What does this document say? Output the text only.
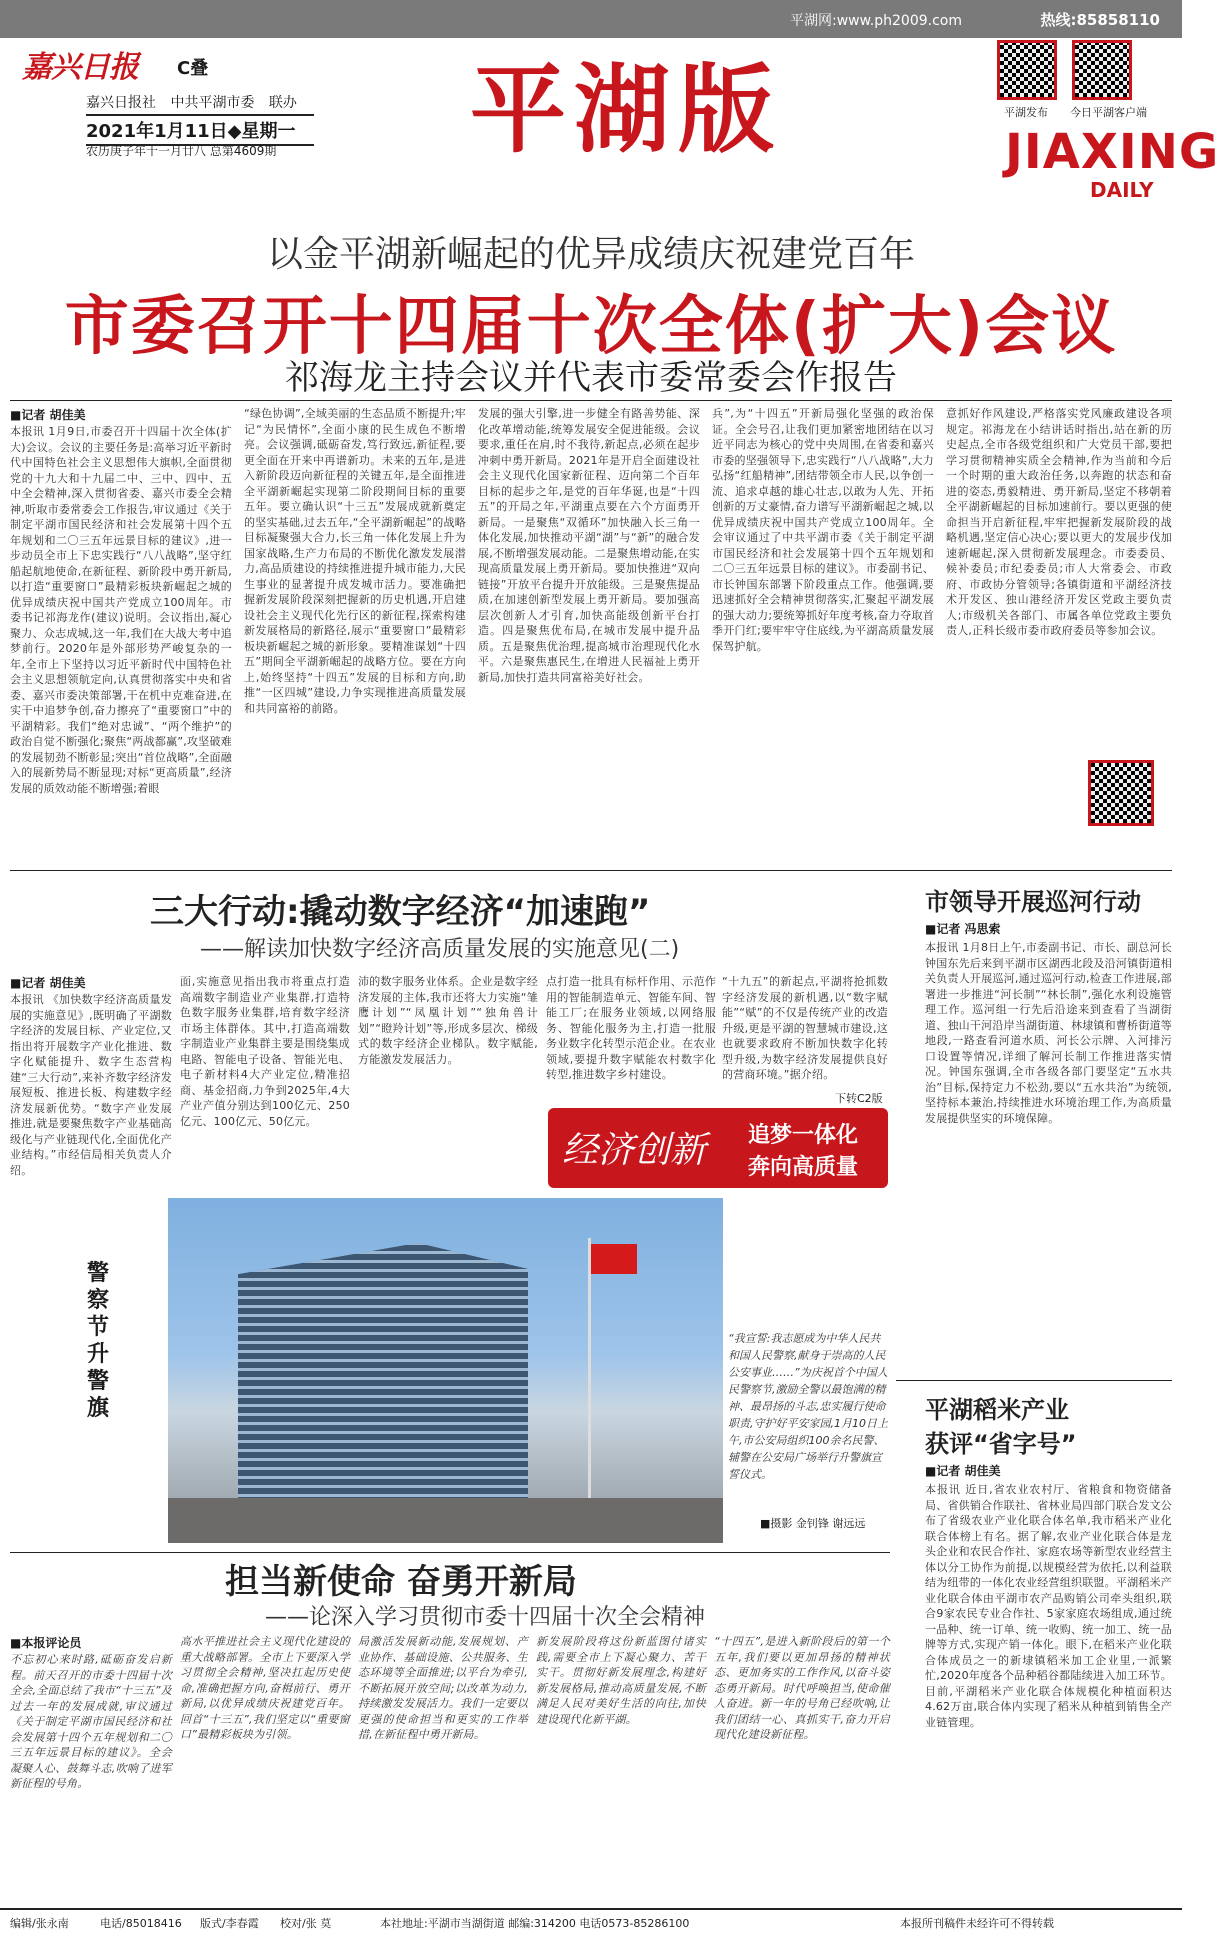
平湖网:www.ph2009.com	热线:85858110
嘉兴日报 C叠
嘉兴日报社 中共平湖市委 联办
2021年1月11日◆星期一
农历庚子年十一月廿八 总第4609期 平湖版	平湖发布 今日平湖客户端
JIAXING
DAILY
以金平湖新崛起的优异成绩庆祝建党百年
市委召开十四届十次全体(扩大)会议
祁海龙主持会议并代表市委常委会作报告
■记者 胡佳美
本报讯 1月9日,市委召开十四届十次全体(扩大)会议。会议的主要任务是:高举习近平新时代中国特色社会主义思想伟大旗帜,全面贯彻党的十九大和十九届二中、三中、四中、五中全会精神,深入贯彻省委、嘉兴市委全会精神,听取市委常委会工作报告,审议通过《关于制定平湖市国民经济和社会发展第十四个五年规划和二〇三五年远景目标的建议》,进一步动员全市上下忠实践行“八八战略”,坚守红船起航地使命,在新征程、新阶段中勇开新局,以打造“重要窗口”最精彩板块新崛起之城的优异成绩庆祝中国共产党成立100周年。市委书记祁海龙作(建议)说明。会议指出,凝心聚力、众志成城,这一年,我们在大战大考中追梦前行。2020年是外部形势严峻复杂的一年,全市上下坚持以习近平新时代中国特色社会主义思想领航定向,认真贯彻落实中央和省委、嘉兴市委决策部署,干在机中克难奋进,在实干中追梦争创,奋力擦亮了“重要窗口”中的平湖精彩。我们“绝对忠诚”、“两个维护”的政治自觉不断强化;聚焦“两战都赢”,攻坚破难的发展韧劲不断彰显;突出“首位战略”,全面融入的展新势局不断显现;对标“更高质量”,经济发展的质效动能不断增强;着眼
“绿色协调”,全域美丽的生态品质不断提升;牢记“为民情怀”,全面小康的民生成色不断增亮。会议强调,砥砺奋发,笃行致远,新征程,要更全面在开来中再谱新功。未来的五年,是进入新阶段迈向新征程的关键五年,是全面推进全平湖新崛起实现第二阶段期间目标的重要五年。要立确认识“十三五”发展成就新奠定的坚实基础,过去五年,“全平湖新崛起”的战略目标凝聚强大合力,长三角一体化发展上升为国家战略,生产力布局的不断优化激发发展潜力,高品质建设的持续推进提升城市能力,大民生事业的显著提升成发城市活力。要准确把握新发展阶段深刻把握新的历史机遇,开启建设社会主义现代化先行区的新征程,探索构建新发展格局的新路径,展示“重要窗口”最精彩板块新崛起之城的新形象。要精准谋划“十四五”期间全平湖新崛起的战略方位。要在方向上,始终坚持“十四五”发展的目标和方向,助推“一区四城”建设,力争实现推进高质量发展和共同富裕的前路。
发展的强大引擎,进一步健全有路善势能、深化改革增动能,统筹发展安全促进能级。会议要求,重任在肩,时不我待,新起点,必须在起步冲刺中勇开新局。2021年是开启全面建设社会主义现代化国家新征程、迈向第二个百年目标的起步之年,是党的百年华诞,也是“十四五”的开局之年,平湖重点要在六个方面勇开新局。一是聚焦“双循环”加快融入长三角一体化发展,加快推动平湖“湖”与“新”的融合发展,不断增强发展动能。二是聚焦增动能,在实现高质量发展上勇开新局。要加快推进“双向链接”开放平台提升开放能级。三是聚焦提品质,在加速创新型发展上勇开新局。要加强高层次创新人才引育,加快高能级创新平台打造。四是聚焦优布局,在城市发展中提升品质。五是聚焦优治理,提高城市治理现代化水平。六是聚焦惠民生,在增进人民福祉上勇开新局,加快打造共同富裕美好社会。
兵”,为“十四五”开新局强化坚强的政治保证。全会号召,让我们更加紧密地团结在以习近平同志为核心的党中央周围,在省委和嘉兴市委的坚强领导下,忠实践行“八八战略”,大力弘扬“红船精神”,团结带领全市人民,以争创一流、追求卓越的雄心壮志,以敢为人先、开拓创新的万丈豪情,奋力谱写平湖新崛起之城,以优异成绩庆祝中国共产党成立100周年。全会审议通过了中共平湖市委《关于制定平湖市国民经济和社会发展第十四个五年规划和二〇三五年远景目标的建议》。市委副书记、市长钟国东部署下阶段重点工作。他强调,要迅速抓好全会精神贯彻落实,汇聚起平湖发展的强大动力;要统筹抓好年度考核,奋力夺取首季开门红;要牢牢守住底线,为平湖高质量发展保驾护航。
意抓好作风建设,严格落实党风廉政建设各项规定。祁海龙在小结讲话时指出,站在新的历史起点,全市各级党组织和广大党员干部,要把学习贯彻精神实质全会精神,作为当前和今后一个时期的重大政治任务,以奔跑的状态和奋进的姿态,勇毅精进、勇开新局,坚定不移朝着全平湖新崛起的目标加速前行。要以更强的使命担当开启新征程,牢牢把握新发展阶段的战略机遇,坚定信心决心;要以更大的发展步伐加速新崛起,深入贯彻新发展理念。市委委员、候补委员;市纪委委员;市人大常委会、市政府、市政协分管领导;各镇街道和平湖经济技术开发区、独山港经济开发区党政主要负责人;市级机关各部门、市属各单位党政主要负责人,正科长级市委市政府委员等参加会议。
三大行动:撬动数字经济“加速跑”
——解读加快数字经济高质量发展的实施意见(二)
■记者 胡佳美
本报讯 《加快数字经济高质量发展的实施意见》,既明确了平湖数字经济的发展目标、产业定位,又指出将开展数字产业化推进、数字化赋能提升、数字生态营构建“三大行动”,来补齐数字经济发展短板、推进长板、构建数字经济发展新优势。“数字产业发展推进,就是要聚焦数字产业基础高级化与产业链现代化,全面优化产业结构。”市经信局相关负责人介绍。
面,实施意见指出我市将重点打造高端数字制造业产业集群,打造特色数字服务业集群,培育数字经济市场主体群体。其中,打造高端数字制造业产业集群主要是围绕集成电路、智能电子设备、智能光电、电子新材料4大产业定位,精准招商、基金招商,力争到2025年,4大产业产值分别达到100亿元、250亿元、100亿元、50亿元。
沛的数字服务业体系。企业是数字经济发展的主体,我市还将大力实施“雏鹰计划”“凤凰计划”“独角兽计划”“瞪羚计划”等,形成多层次、梯级式的数字经济企业梯队。数字赋能,方能激发发展活力。
点打造一批具有标杆作用、示范作用的智能制造单元、智能车间、智能工厂;在服务业领域,以网络服务、智能化服务为主,打造一批服务业数字化转型示范企业。在农业领域,要提升数字赋能农村数字化转型,推进数字乡村建设。
“十九五”的新起点,平湖将抢抓数字经济发展的新机遇,以“数字赋能”“赋”的不仅是传统产业的改造升级,更是平湖的智慧城市建设,这也就要求政府不断加快数字化转型升级,为数字经济发展提供良好的营商环境。”据介绍。
下转C2版
经济创新 追梦一体化
奔向高质量
警察节 升警旗
“我宣誓:我志愿成为中华人民共和国人民警察,献身于崇高的人民公安事业……”为庆祝首个中国人民警察节,激励全警以最饱满的精神、最昂扬的斗志,忠实履行使命职责,守护好平安家园,1月10日上午,市公安局组织100余名民警、辅警在公安局广场举行升警旗宣誓仪式。
■摄影 金钊锋 谢远远
市领导开展巡河行动
■记者 冯思索
本报讯 1月8日上午,市委副书记、市长、副总河长钟国东先后来到平湖市区湖西北段及沿河镇街道相关负责人开展巡河,通过巡河行动,检查工作进展,部署进一步推进“河长制”“林长制”,强化水利设施管理工作。巡河组一行先后沿途来到查看了当湖街道、独山干河沿岸当湖街道、林埭镇和曹桥街道等地段,一路查看河道水质、河长公示牌、入河排污口设置等情况,详细了解河长制工作推进落实情况。钟国东强调,全市各级各部门要坚定“五水共治”目标,保持定力不松劲,要以“五水共治”为统领,坚持标本兼治,持续推进水环境治理工作,为高质量发展提供坚实的环境保障。
平湖稻米产业
获评“省字号”
■记者 胡佳美
本报讯 近日,省农业农村厅、省粮食和物资储备局、省供销合作联社、省林业局四部门联合发文公布了省级农业产业化联合体名单,我市稻米产业化联合体榜上有名。据了解,农业产业化联合体是龙头企业和农民合作社、家庭农场等新型农业经营主体以分工协作为前提,以规模经营为依托,以利益联结为纽带的一体化农业经营组织联盟。平湖稻米产业化联合体由平湖市农产品购销公司牵头组织,联合9家农民专业合作社、5家家庭农场组成,通过统一品种、统一订单、统一收购、统一加工、统一品牌等方式,实现产销一体化。眼下,在稻米产业化联合体成员之一的新埭镇稻米加工企业里,一派繁忙,2020年度各个品种稻谷都陆续进入加工环节。目前,平湖稻米产业化联合体规模化种植面积达4.62万亩,联合体内实现了稻米从种植到销售全产业链管理。
担当新使命 奋勇开新局
——论深入学习贯彻市委十四届十次全会精神
■本报评论员
不忘初心来时路,砥砺奋发启新程。前天召开的市委十四届十次全会,全面总结了我市“十三五”及过去一年的发展成就,审议通过《关于制定平湖市国民经济和社会发展第十四个五年规划和二〇三五年远景目标的建议》。全会凝聚人心、鼓舞斗志,吹响了进军新征程的号角。
高水平推进社会主义现代化建设的重大战略部署。全市上下要深入学习贯彻全会精神,坚决扛起历史使命,准确把握方向,奋楫前行、勇开新局,以优异成绩庆祝建党百年。回首“十三五”,我们坚定以“重要窗口”最精彩板块为引领。
局激活发展新动能,发展规划、产业协作、基础设施、公共服务、生态环境等全面推进;以平台为牵引,不断拓展开放空间;以改革为动力,持续激发发展活力。我们一定要以更强的使命担当和更实的工作举措,在新征程中勇开新局。
新发展阶段将这份新蓝图付诸实践,需要全市上下凝心聚力、苦干实干。贯彻好新发展理念,构建好新发展格局,推动高质量发展,不断满足人民对美好生活的向往,加快建设现代化新平湖。
“十四五”,是进入新阶段后的第一个五年,我们要以更加昂扬的精神状态、更加务实的工作作风,以奋斗姿态勇开新局。时代呼唤担当,使命催人奋进。新一年的号角已经吹响,让我们团结一心、真抓实干,奋力开启现代化建设新征程。
编辑/张永南	电话/85018416 版式/李春霞 校对/张 莫	本社地址:平湖市当湖街道 邮编:314200 电话0573-85286100	本报所刊稿件未经许可不得转载
